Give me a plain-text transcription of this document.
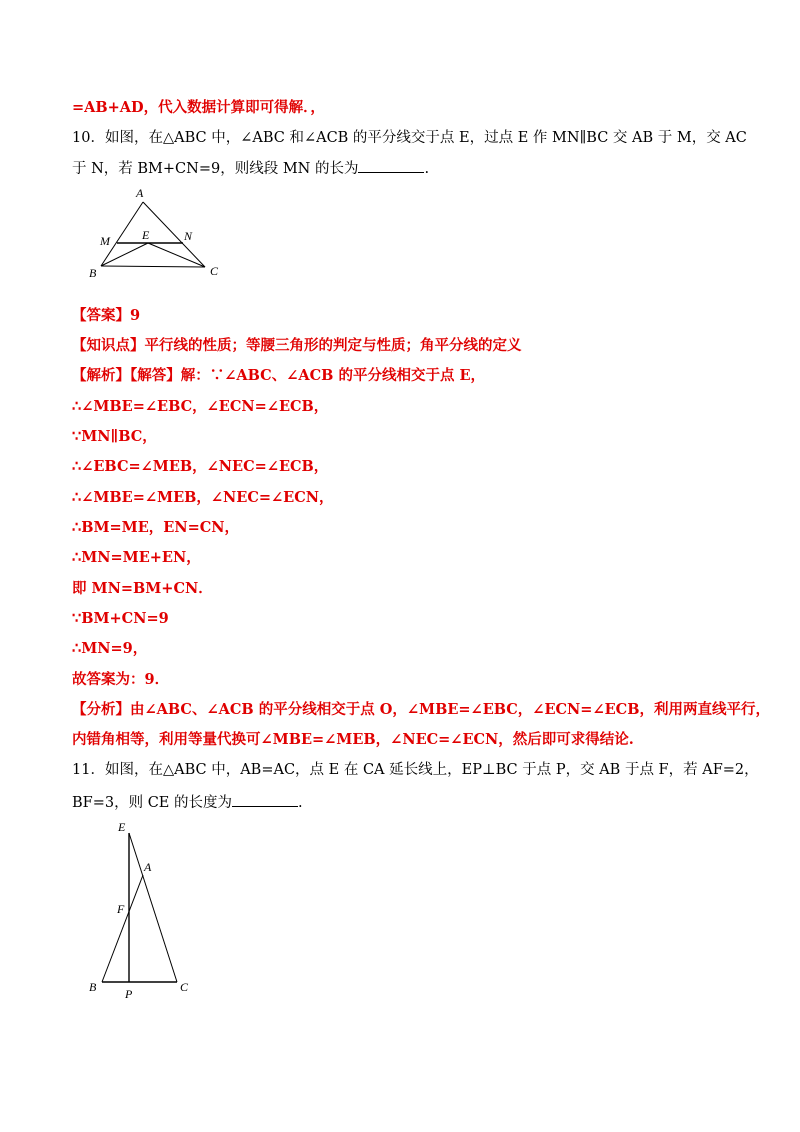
=AB+AD，代入数据计算即可得解．，
10．如图，在△ABC 中，∠ABC 和∠ACB 的平分线交于点 E，过点 E 作 MN∥BC 交 AB 于 M，交 AC
于 N，若 BM+CN=9，则线段 MN 的长为	.
A
M	E	N
B	C
【答案】9
【知识点】平行线的性质；等腰三角形的判定与性质；角平分线的定义
【解析】【解答】解：∵∠ABC、∠ACB 的平分线相交于点 E，
∴∠MBE=∠EBC，∠ECN=∠ECB，
∵MN∥BC，
∴∠EBC=∠MEB，∠NEC=∠ECB，
∴∠MBE=∠MEB，∠NEC=∠ECN，
∴BM=ME，EN=CN，
∴MN=ME+EN，
即 MN=BM+CN．
∵BM+CN=9
∴MN=9，
故答案为：9．
【分析】由∠ABC、∠ACB 的平分线相交于点 O，∠MBE=∠EBC，∠ECN=∠ECB，利用两直线平行，
内错角相等，利用等量代换可∠MBE=∠MEB，∠NEC=∠ECN，然后即可求得结论.
11．如图，在△ABC 中，AB=AC，点 E 在 CA 延长线上，EP⊥BC 于点 P，交 AB 于点 F，若 AF=2，
BF=3，则 CE 的长度为	.
E
A
F
B P	C
